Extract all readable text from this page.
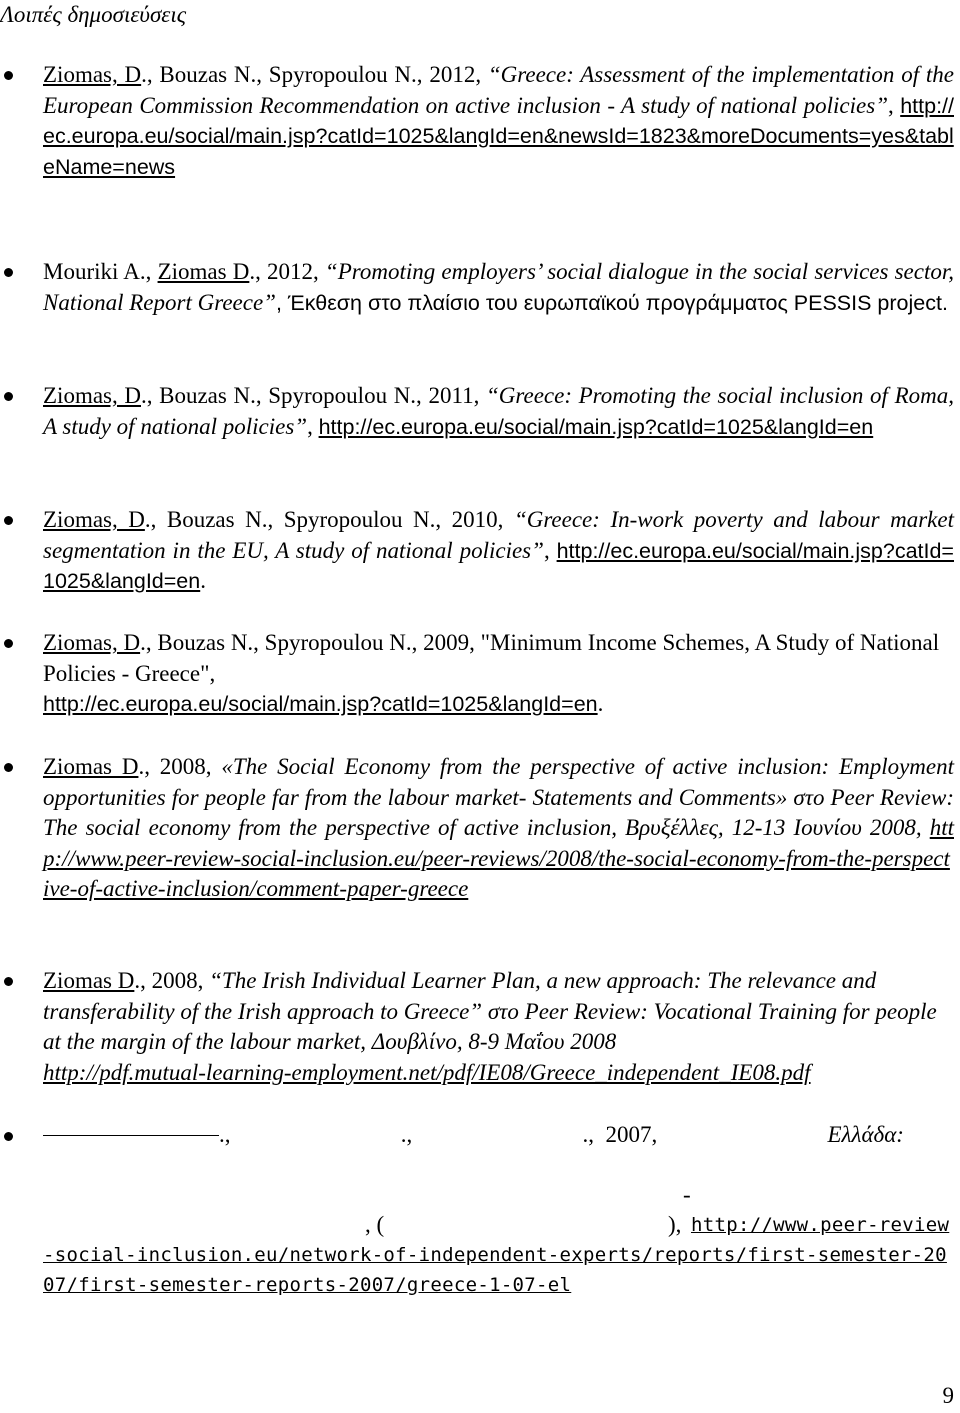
Λοιπές δημοσιεύσεις
Ziomas, D., Bouzas N., Spyropoulou N., 2012, “Greece: Assessment of the implementation of the European Commission Recommendation on active inclusion - A study of national policies”, http://ec.europa.eu/social/main.jsp?catId=1025&langId=en&newsId=1823&moreDocuments=yes&tableName=news
Mouriki A., Ziomas D., 2012, “Promoting employers’ social dialogue in the social services sector, National Report Greece”, Έκθεση στο πλαίσιο του ευρωπαϊκού προγράμματος PESSIS project.
Ziomas, D., Bouzas N., Spyropoulou N., 2011, “Greece: Promoting the social inclusion of Roma, A study of national policies”, http://ec.europa.eu/social/main.jsp?catId=1025&langId=en
Ziomas, D., Bouzas N., Spyropoulou N., 2010, “Greece: In-work poverty and labour market segmentation in the EU, A study of national policies”, http://ec.europa.eu/social/main.jsp?catId=1025&langId=en.
Ziomas, D., Bouzas N., Spyropoulou N., 2009, "Minimum Income Schemes, A Study of National Policies - Greece",
http://ec.europa.eu/social/main.jsp?catId=1025&langId=en.
Ziomas D., 2008, «The Social Economy from the perspective of active inclusion: Employment opportunities for people far from the labour market- Statements and Comments» στο Peer Review: The social economy from the perspective of active inclusion, Βρυξέλλες, 12-13 Ιουνίου 2008, http://www.peer-review-social-inclusion.eu/peer-reviews/2008/the-social-economy-from-the-perspective-of-active-inclusion/comment-paper-greece
Ziomas D., 2008, “The Irish Individual Learner Plan, a new approach: The relevance and transferability of the Irish approach to Greece” στο Peer Review: Vocational Training for people at the margin of the labour market, Δουβλίνο, 8-9 Μαΐου 2008
http://pdf.mutual-learning-employment.net/pdf/IE08/Greece_independent_IE08.pdf
.,	.,	.,  2007,	Ελλάδα:
-
, (	), http://www.peer-review-social-inclusion.eu/network-of-independent-experts/reports/first-semester-2007/first-semester-reports-2007/greece-1-07-el
9
